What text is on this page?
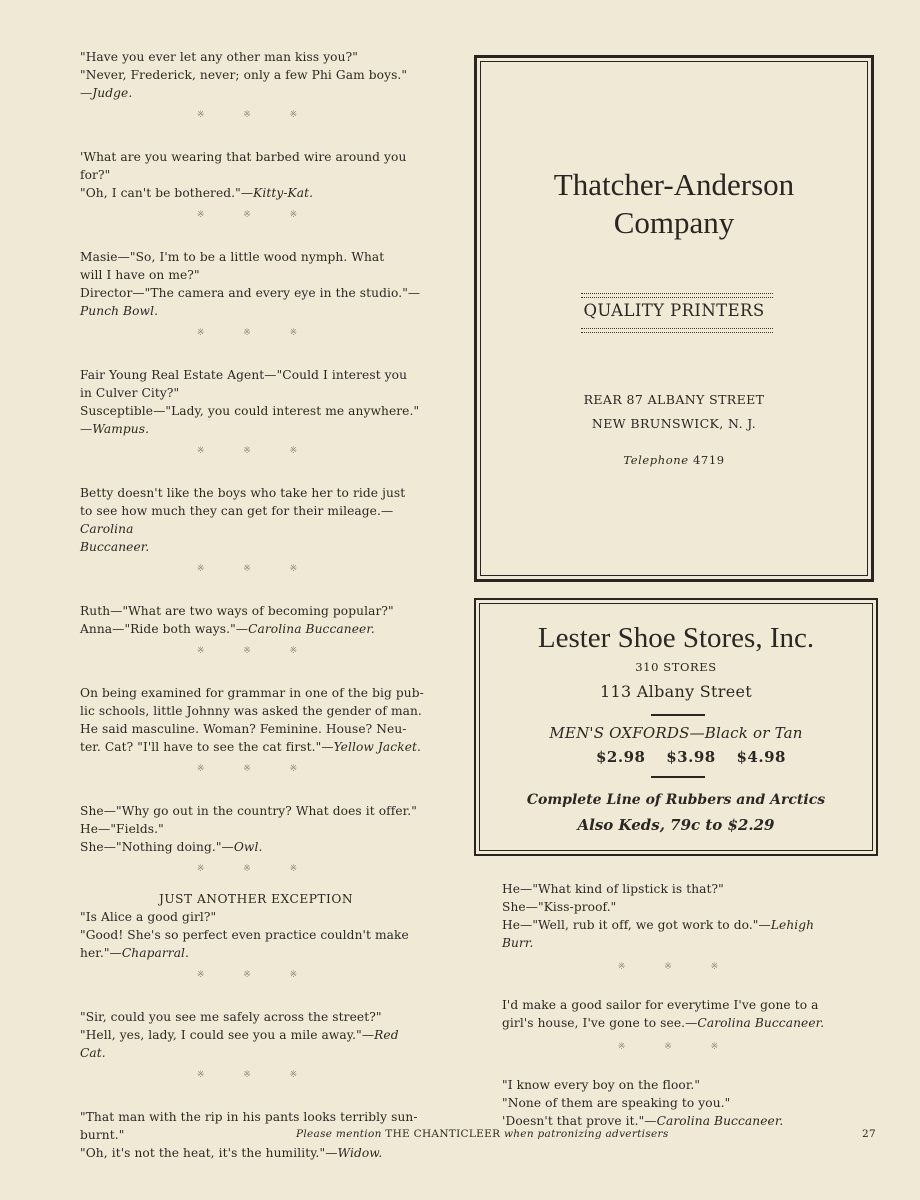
"Have you ever let any other man kiss you?"
"Never, Frederick, never; only a few Phi Gam boys."
—Judge.
※ ※ ※
'What are you wearing that barbed wire around you
for?"
"Oh, I can't be bothered."—Kitty-Kat.
※ ※ ※
Masie—"So, I'm to be a little wood nymph. What
will I have on me?"
Director—"The camera and every eye in the studio."—
Punch Bowl.
※ ※ ※
Fair Young Real Estate Agent—"Could I interest you
in Culver City?"
Susceptible—"Lady, you could interest me anywhere."
—Wampus.
※ ※ ※
Betty doesn't like the boys who take her to ride just
to see how much they can get for their mileage.—Carolina
Buccaneer.
※ ※ ※
Ruth—"What are two ways of becoming popular?"
Anna—"Ride both ways."—Carolina Buccaneer.
※ ※ ※
On being examined for grammar in one of the big pub-
lic schools, little Johnny was asked the gender of man.
He said masculine. Woman? Feminine. House? Neu-
ter. Cat? "I'll have to see the cat first."—Yellow Jacket.
※ ※ ※
She—"Why go out in the country? What does it offer."
He—"Fields."
She—"Nothing doing."—Owl.
※ ※ ※
JUST ANOTHER EXCEPTION
"Is Alice a good girl?"
"Good! She's so perfect even practice couldn't make
her."—Chaparral.
※ ※ ※
"Sir, could you see me safely across the street?"
"Hell, yes, lady, I could see you a mile away."—Red
Cat.
※ ※ ※
"That man with the rip in his pants looks terribly sun-
burnt."
"Oh, it's not the heat, it's the humility."—Widow.
Thatcher-Anderson
Company
QUALITY PRINTERS
REAR 87 ALBANY STREET
NEW BRUNSWICK, N. J.
Telephone 4719
Lester Shoe Stores, Inc.
310 STORES
113 Albany Street
MEN'S OXFORDS—Black or Tan
$2.98 $3.98 $4.98
Complete Line of Rubbers and Arctics
Also Keds, 79c to $2.29
He—"What kind of lipstick is that?"
She—"Kiss-proof."
He—"Well, rub it off, we got work to do."—Lehigh
Burr.
※ ※ ※
I'd make a good sailor for everytime I've gone to a
girl's house, I've gone to see.—Carolina Buccaneer.
※ ※ ※
"I know every boy on the floor."
"None of them are speaking to you."
'Doesn't that prove it."—Carolina Buccaneer.
Please mention THE CHANTICLEER when patronizing advertisers	27
